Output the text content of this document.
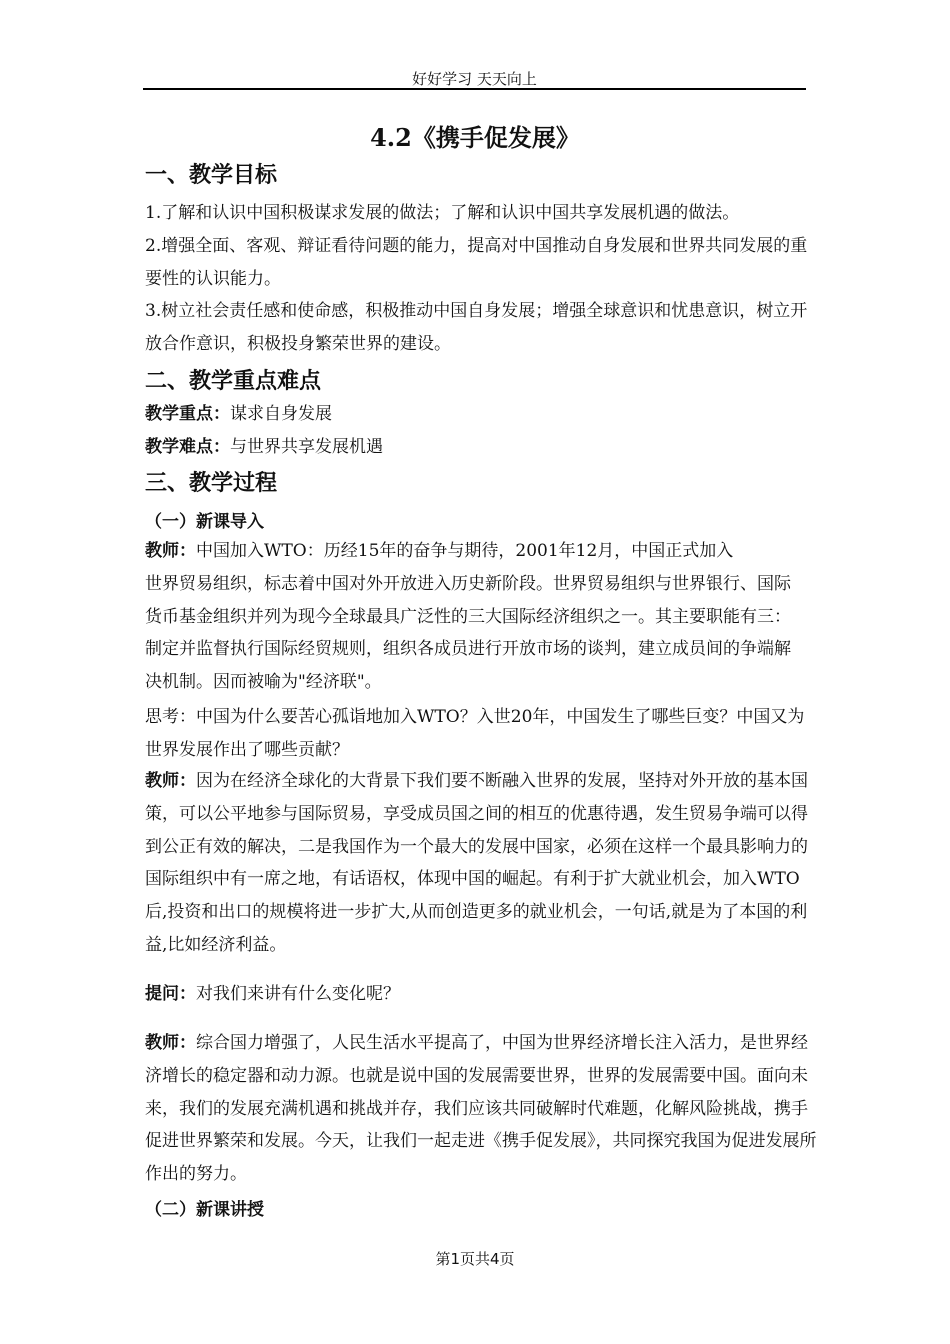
好好学习 天天向上
4.2《携手促发展》
一、教学目标
1.了解和认识中国积极谋求发展的做法；了解和认识中国共享发展机遇的做法。
2.增强全面、客观、辩证看待问题的能力，提高对中国推动自身发展和世界共同发展的重要性的认识能力。
3.树立社会责任感和使命感，积极推动中国自身发展；增强全球意识和忧患意识，树立开放合作意识，积极投身繁荣世界的建设。
二、教学重点难点
教学重点：谋求自身发展
教学难点：与世界共享发展机遇
三、教学过程
（一）新课导入
教师：中国加入WTO：历经15年的奋争与期待，2001年12月，中国正式加入
世界贸易组织，标志着中国对外开放进入历史新阶段。世界贸易组织与世界银行、国际货币基金组织并列为现今全球最具广泛性的三大国际经济组织之一。其主要职能有三：制定并监督执行国际经贸规则，组织各成员进行开放市场的谈判，建立成员间的争端解决机制。因而被喻为"经济联"。
思考：中国为什么要苦心孤诣地加入WTO？入世20年，中国发生了哪些巨变？中国又为世界发展作出了哪些贡献？
教师：因为在经济全球化的大背景下我们要不断融入世界的发展，坚持对外开放的基本国策，可以公平地参与国际贸易，享受成员国之间的相互的优惠待遇，发生贸易争端可以得到公正有效的解决，二是我国作为一个最大的发展中国家，必须在这样一个最具影响力的国际组织中有一席之地，有话语权，体现中国的崛起。有利于扩大就业机会，加入WTO后,投资和出口的规模将进一步扩大,从而创造更多的就业机会，一句话,就是为了本国的利益,比如经济利益。
提问：对我们来讲有什么变化呢？
教师：综合国力增强了，人民生活水平提高了，中国为世界经济增长注入活力，是世界经济增长的稳定器和动力源。也就是说中国的发展需要世界，世界的发展需要中国。面向未来，我们的发展充满机遇和挑战并存，我们应该共同破解时代难题，化解风险挑战，携手促进世界繁荣和发展。今天，让我们一起走进《携手促发展》，共同探究我国为促进发展所作出的努力。
（二）新课讲授
第1页共4页
